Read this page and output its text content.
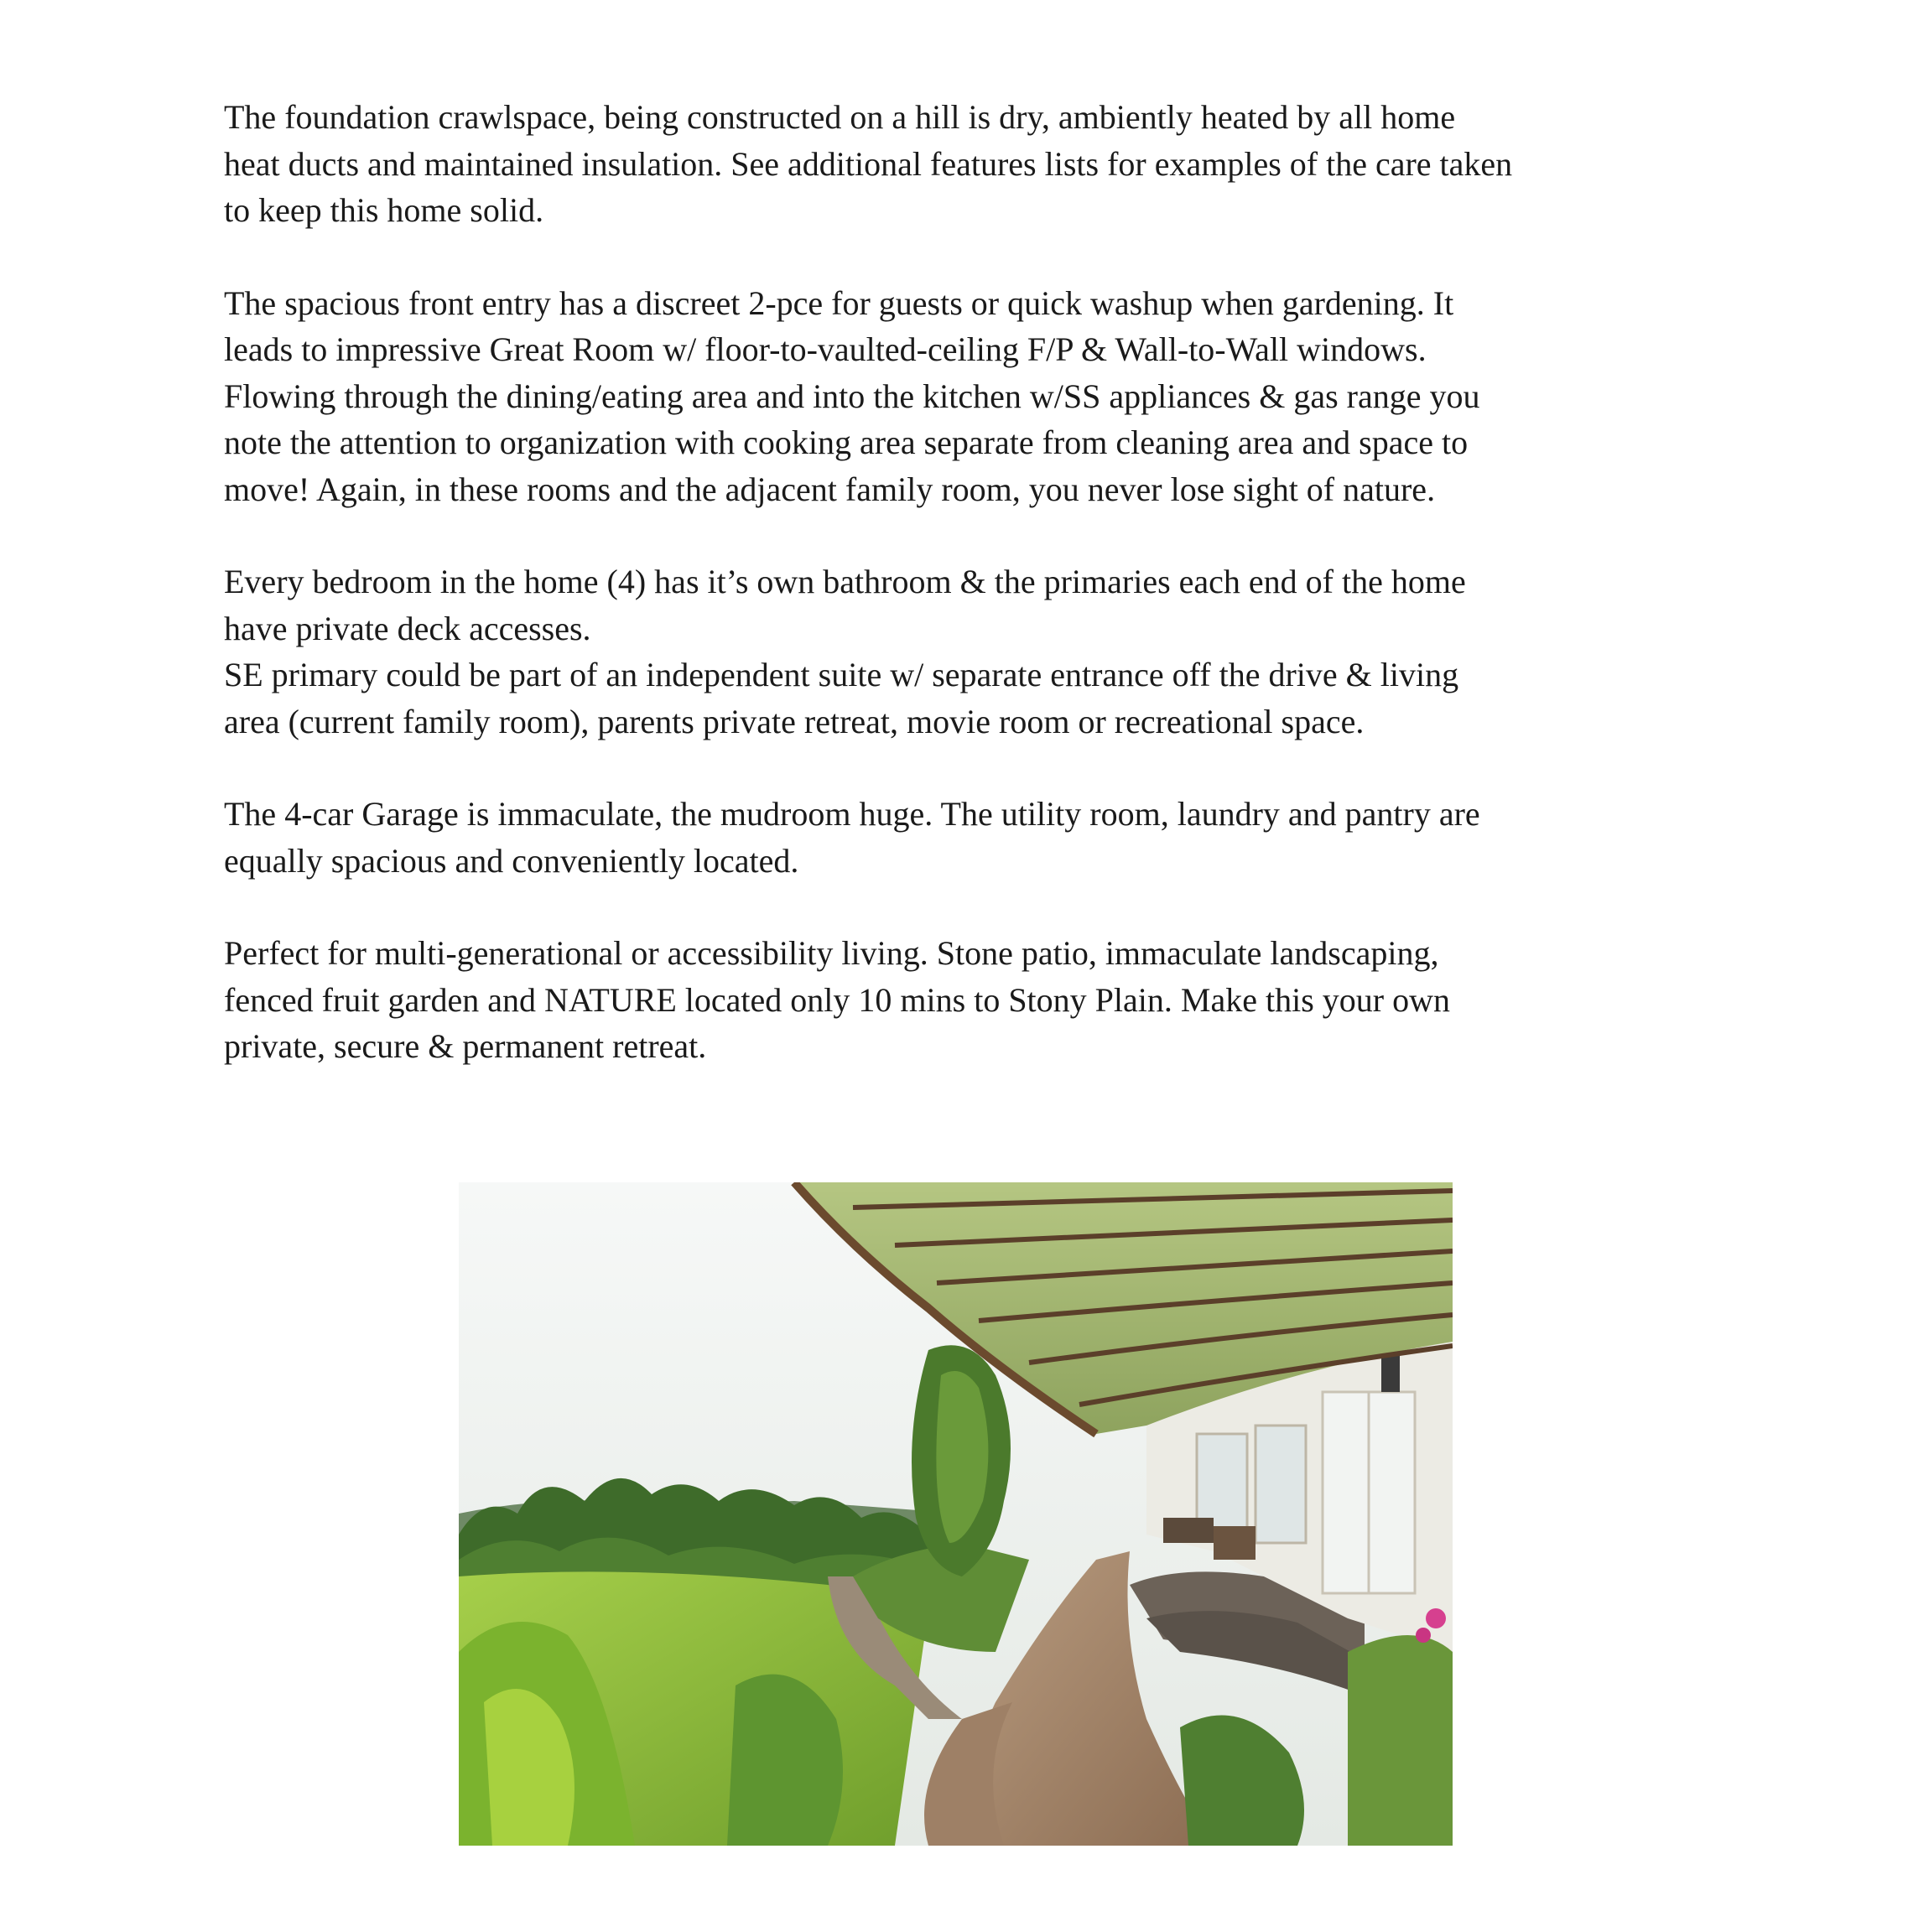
The foundation crawlspace, being constructed on a hill is dry, ambiently heated by all home
heat ducts and maintained insulation. See additional features lists for examples of the care taken
to keep this home solid.

The spacious front entry has a discreet 2-pce for guests or quick washup when gardening. It
leads to impressive Great Room w/ floor-to-vaulted-ceiling F/P & Wall-to-Wall windows.
Flowing through the dining/eating area and into the kitchen w/SS appliances & gas range you
note the attention to organization with cooking area separate from cleaning area and space to
move! Again, in these rooms and the adjacent family room, you never lose sight of nature.

Every bedroom in the home (4) has it’s own bathroom & the primaries each end of the home
have private deck accesses.
SE primary could be part of an independent suite w/ separate entrance off the drive & living
area (current family room), parents private retreat, movie room or recreational space.

The 4-car Garage is immaculate, the mudroom huge. The utility room, laundry and pantry are
equally spacious and conveniently located.

Perfect for multi-generational or accessibility living. Stone patio, immaculate landscaping,
fenced fruit garden and NATURE located only 10 mins to Stony Plain. Make this your own
private, secure & permanent retreat.
